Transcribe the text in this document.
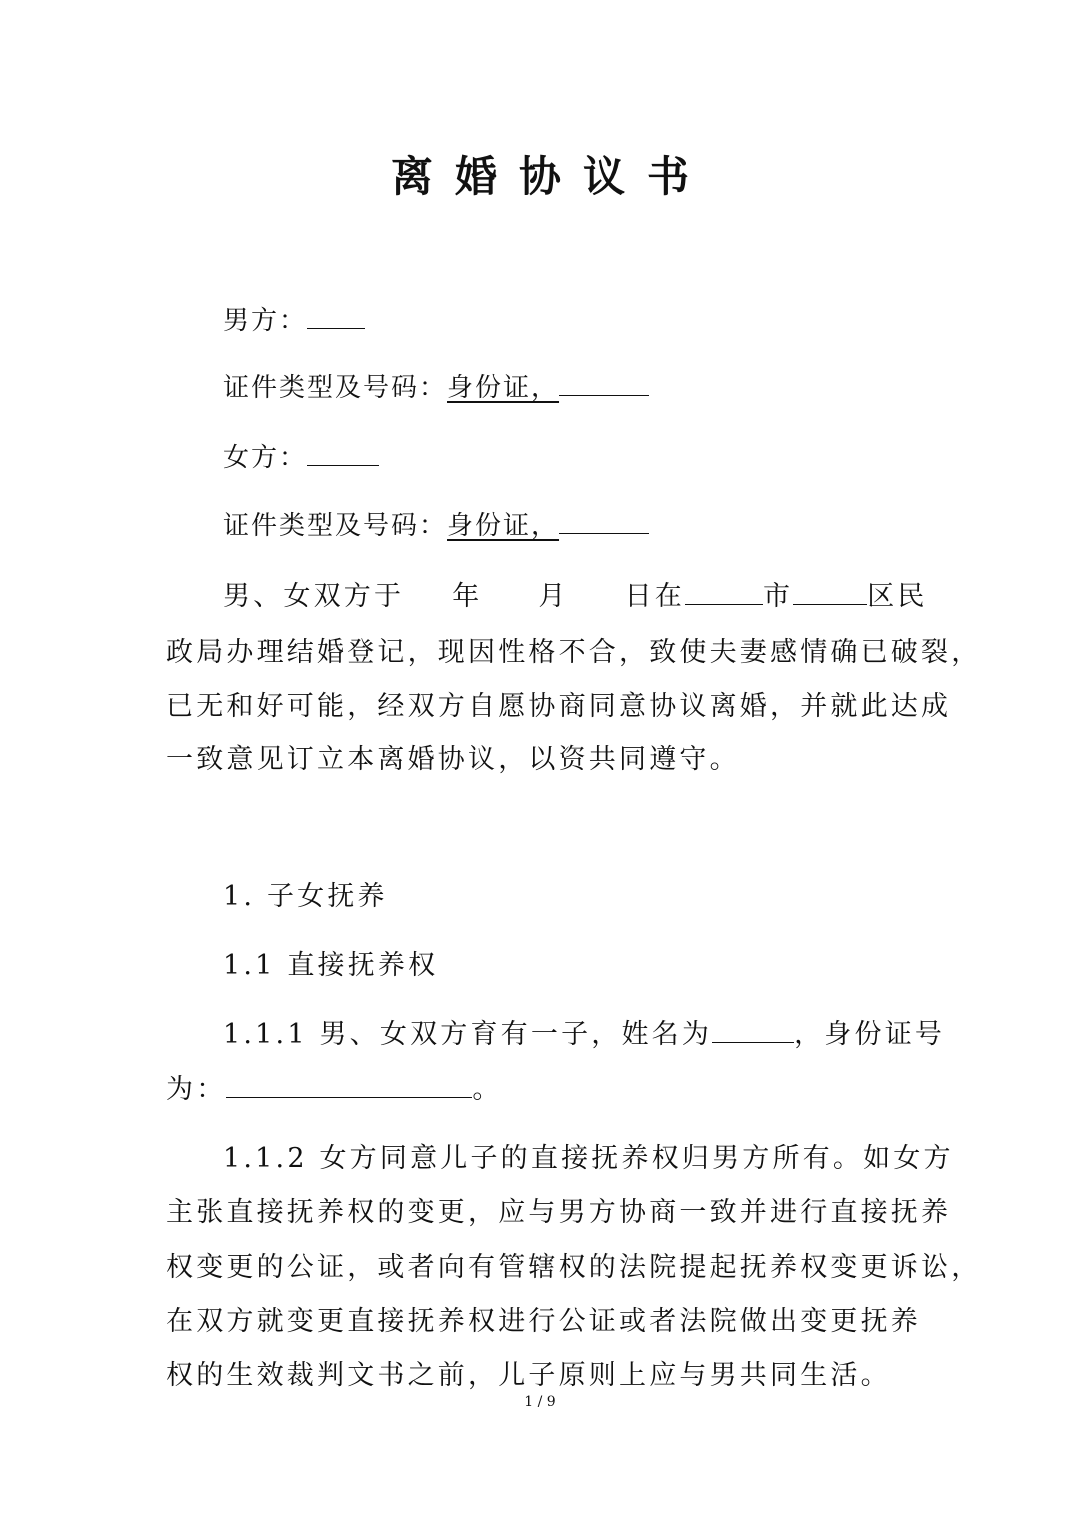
离婚协议书
男方：
证件类型及号码：身份证，
女方：
证件类型及号码：身份证，
男、女双方于 年 月 日在	市	区民
政局办理结婚登记，现因性格不合，致使夫妻感情确已破裂，
已无和好可能，经双方自愿协商同意协议离婚，并就此达成
一致意见订立本离婚协议，以资共同遵守。
1. 子女抚养
1.1 直接抚养权
1.1.1 男、女双方育有一子，姓名为	，身份证号
为：	。
1.1.2 女方同意儿子的直接抚养权归男方所有。如女方
主张直接抚养权的变更，应与男方协商一致并进行直接抚养
权变更的公证，或者向有管辖权的法院提起抚养权变更诉讼，
在双方就变更直接抚养权进行公证或者法院做出变更抚养
权的生效裁判文书之前，儿子原则上应与男共同生活。
1 / 9
